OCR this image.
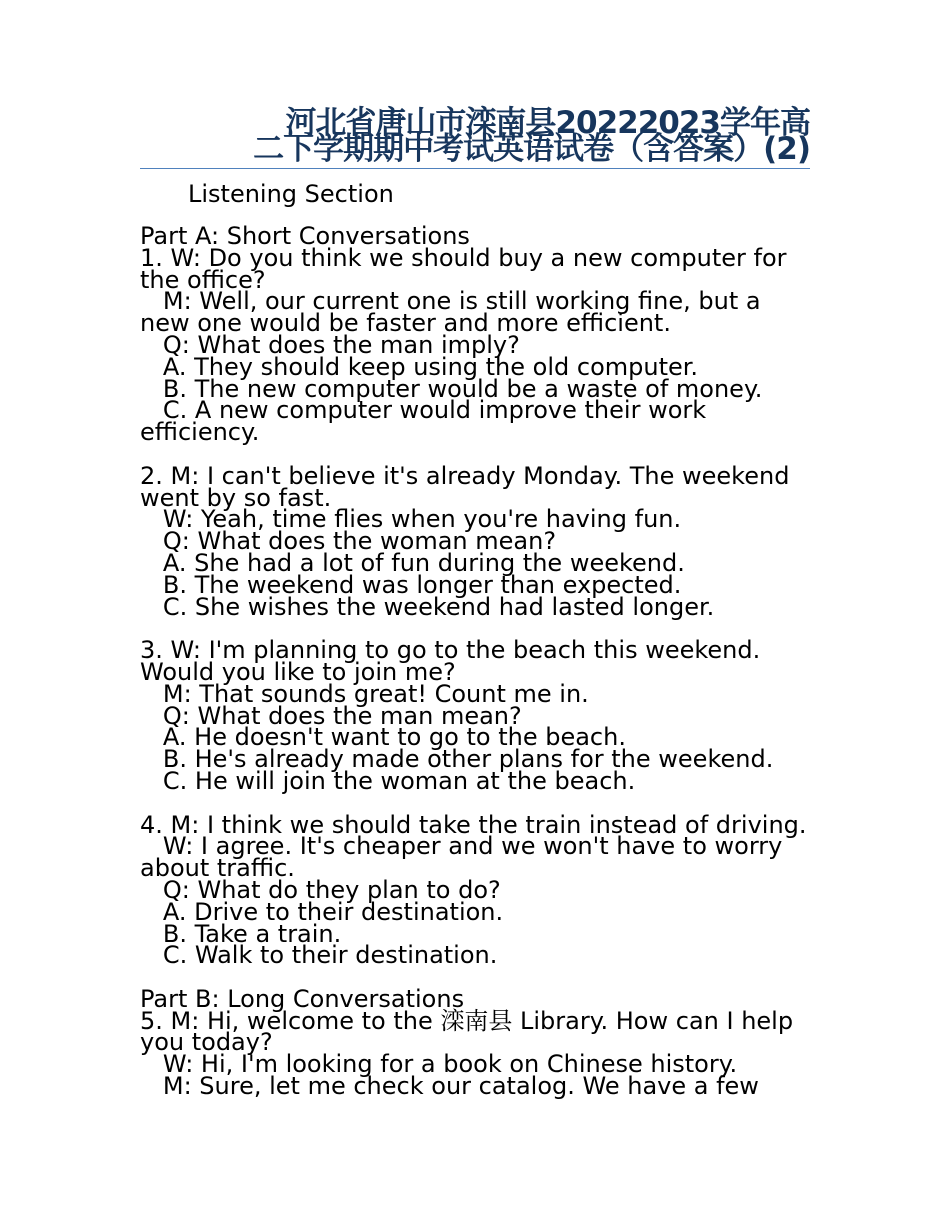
河北省唐山市滦南县20222023学年高
二下学期期中考试英语试卷（含答案）(2)
Listening Section
Part A: Short Conversations
1. W: Do you think we should buy a new computer for
the office?
M: Well, our current one is still working fine, but a
new one would be faster and more efficient.
Q: What does the man imply?
A. They should keep using the old computer.
B. The new computer would be a waste of money.
C. A new computer would improve their work
efficiency.
2. M: I can't believe it's already Monday. The weekend
went by so fast.
W: Yeah, time flies when you're having fun.
Q: What does the woman mean?
A. She had a lot of fun during the weekend.
B. The weekend was longer than expected.
C. She wishes the weekend had lasted longer.
3. W: I'm planning to go to the beach this weekend.
Would you like to join me?
M: That sounds great! Count me in.
Q: What does the man mean?
A. He doesn't want to go to the beach.
B. He's already made other plans for the weekend.
C. He will join the woman at the beach.
4. M: I think we should take the train instead of driving.
W: I agree. It's cheaper and we won't have to worry
about traffic.
Q: What do they plan to do?
A. Drive to their destination.
B. Take a train.
C. Walk to their destination.
Part B: Long Conversations
5. M: Hi, welcome to the 滦南县 Library. How can I help
you today?
W: Hi, I'm looking for a book on Chinese history.
M: Sure, let me check our catalog. We have a few
